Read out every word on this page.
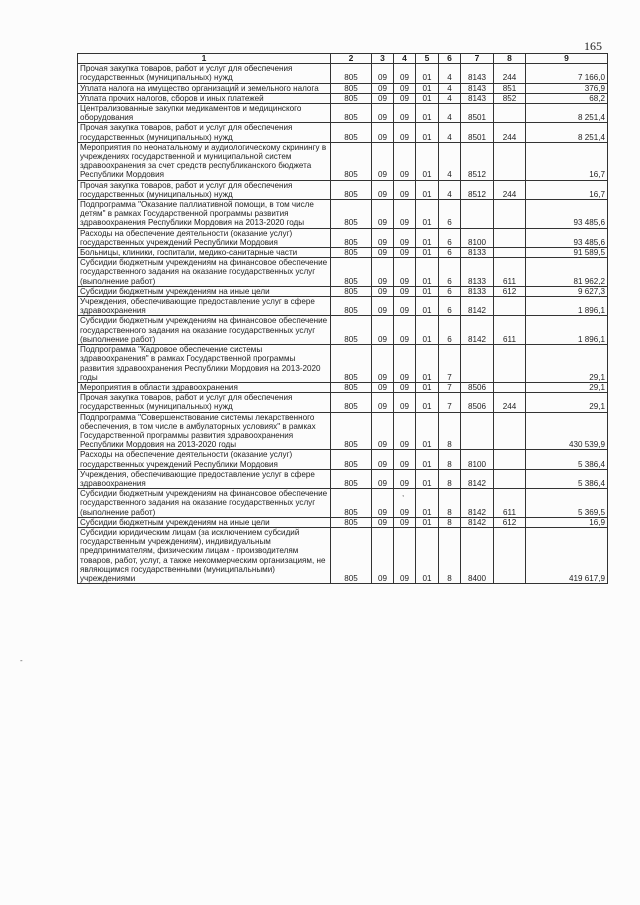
165
1	2	3	4	5	6	7	8	9
Прочая закупка товаров, работ и услуг для обеспечения государственных (муниципальных) нужд	805	09	09	01	4	8143	244	7 166,0
Уплата налога на имущество организаций и земельного налога	805	09	09	01	4	8143	851	376,9
Уплата прочих налогов, сборов и иных платежей	805	09	09	01	4	8143	852	68,2
Централизованные закупки медикаментов и медицинского оборудования	805	09	09	01	4	8501		8 251,4
Прочая закупка товаров, работ и услуг для обеспечения государственных (муниципальных) нужд	805	09	09	01	4	8501	244	8 251,4
Мероприятия по неонатальному и аудиологическому скринингу в учреждениях государственной и муниципальной систем здравоохранения за счет средств республиканского бюджета Республики Мордовия	805	09	09	01	4	8512		16,7
Прочая закупка товаров, работ и услуг для обеспечения государственных (муниципальных) нужд	805	09	09	01	4	8512	244	16,7
Подпрограмма "Оказание паллиативной помощи, в том числе детям" в рамках Государственной программы развития здравоохранения Республики Мордовия на 2013-2020 годы	805	09	09	01	6			93 485,6
Расходы на обеспечение деятельности (оказание услуг) государственных учреждений Республики Мордовия	805	09	09	01	6	8100		93 485,6
Больницы, клиники, госпитали, медико-санитарные части	805	09	09	01	6	8133		91 589,5
Субсидии бюджетным учреждениям на финансовое обеспечение государственного задания на оказание государственных услуг (выполнение работ)	805	09	09	01	6	8133	611	81 962,2
Субсидии бюджетным учреждениям на иные цели	805	09	09	01	6	8133	612	9 627,3
Учреждения, обеспечивающие предоставление услуг в сфере здравоохранения	805	09	09	01	6	8142		1 896,1
Субсидии бюджетным учреждениям на финансовое обеспечение государственного задания на оказание государственных услуг (выполнение работ)	805	09	09	01	6	8142	611	1 896,1
Подпрограмма "Кадровое обеспечение системы здравоохранения" в рамках Государственной программы развития здравоохранения Республики Мордовия на 2013-2020 годы	805	09	09	01	7			29,1
Мероприятия в области здравоохранения	805	09	09	01	7	8506		29,1
Прочая закупка товаров, работ и услуг для обеспечения государственных (муниципальных) нужд	805	09	09	01	7	8506	244	29,1
Подпрограмма "Совершенствование системы лекарственного обеспечения, в том числе в амбулаторных условиях" в рамках Государственной программы развития здравоохранения Республики Мордовия на 2013-2020 годы	805	09	09	01	8			430 539,9
Расходы на обеспечение деятельности (оказание услуг) государственных учреждений Республики Мордовия	805	09	09	01	8	8100		5 386,4
Учреждения, обеспечивающие предоставление услуг в сфере здравоохранения	805	09	09	01	8	8142		5 386,4
Субсидии бюджетным учреждениям на финансовое обеспечение государственного задания на оказание государственных услуг (выполнение работ)	805	09	09	01	8	8142	611	5 369,5
Субсидии бюджетным учреждениям на иные цели	805	09	09	01	8	8142	612	16,9
Субсидии юридическим лицам (за исключением субсидий государственным учреждениям), индивидуальным предпринимателям, физическим лицам - производителям товаров, работ, услуг, а также некоммерческим организациям, не являющимся государственными (муниципальными) учреждениями	805	09	09	01	8	8400		419 617,9
,
-
